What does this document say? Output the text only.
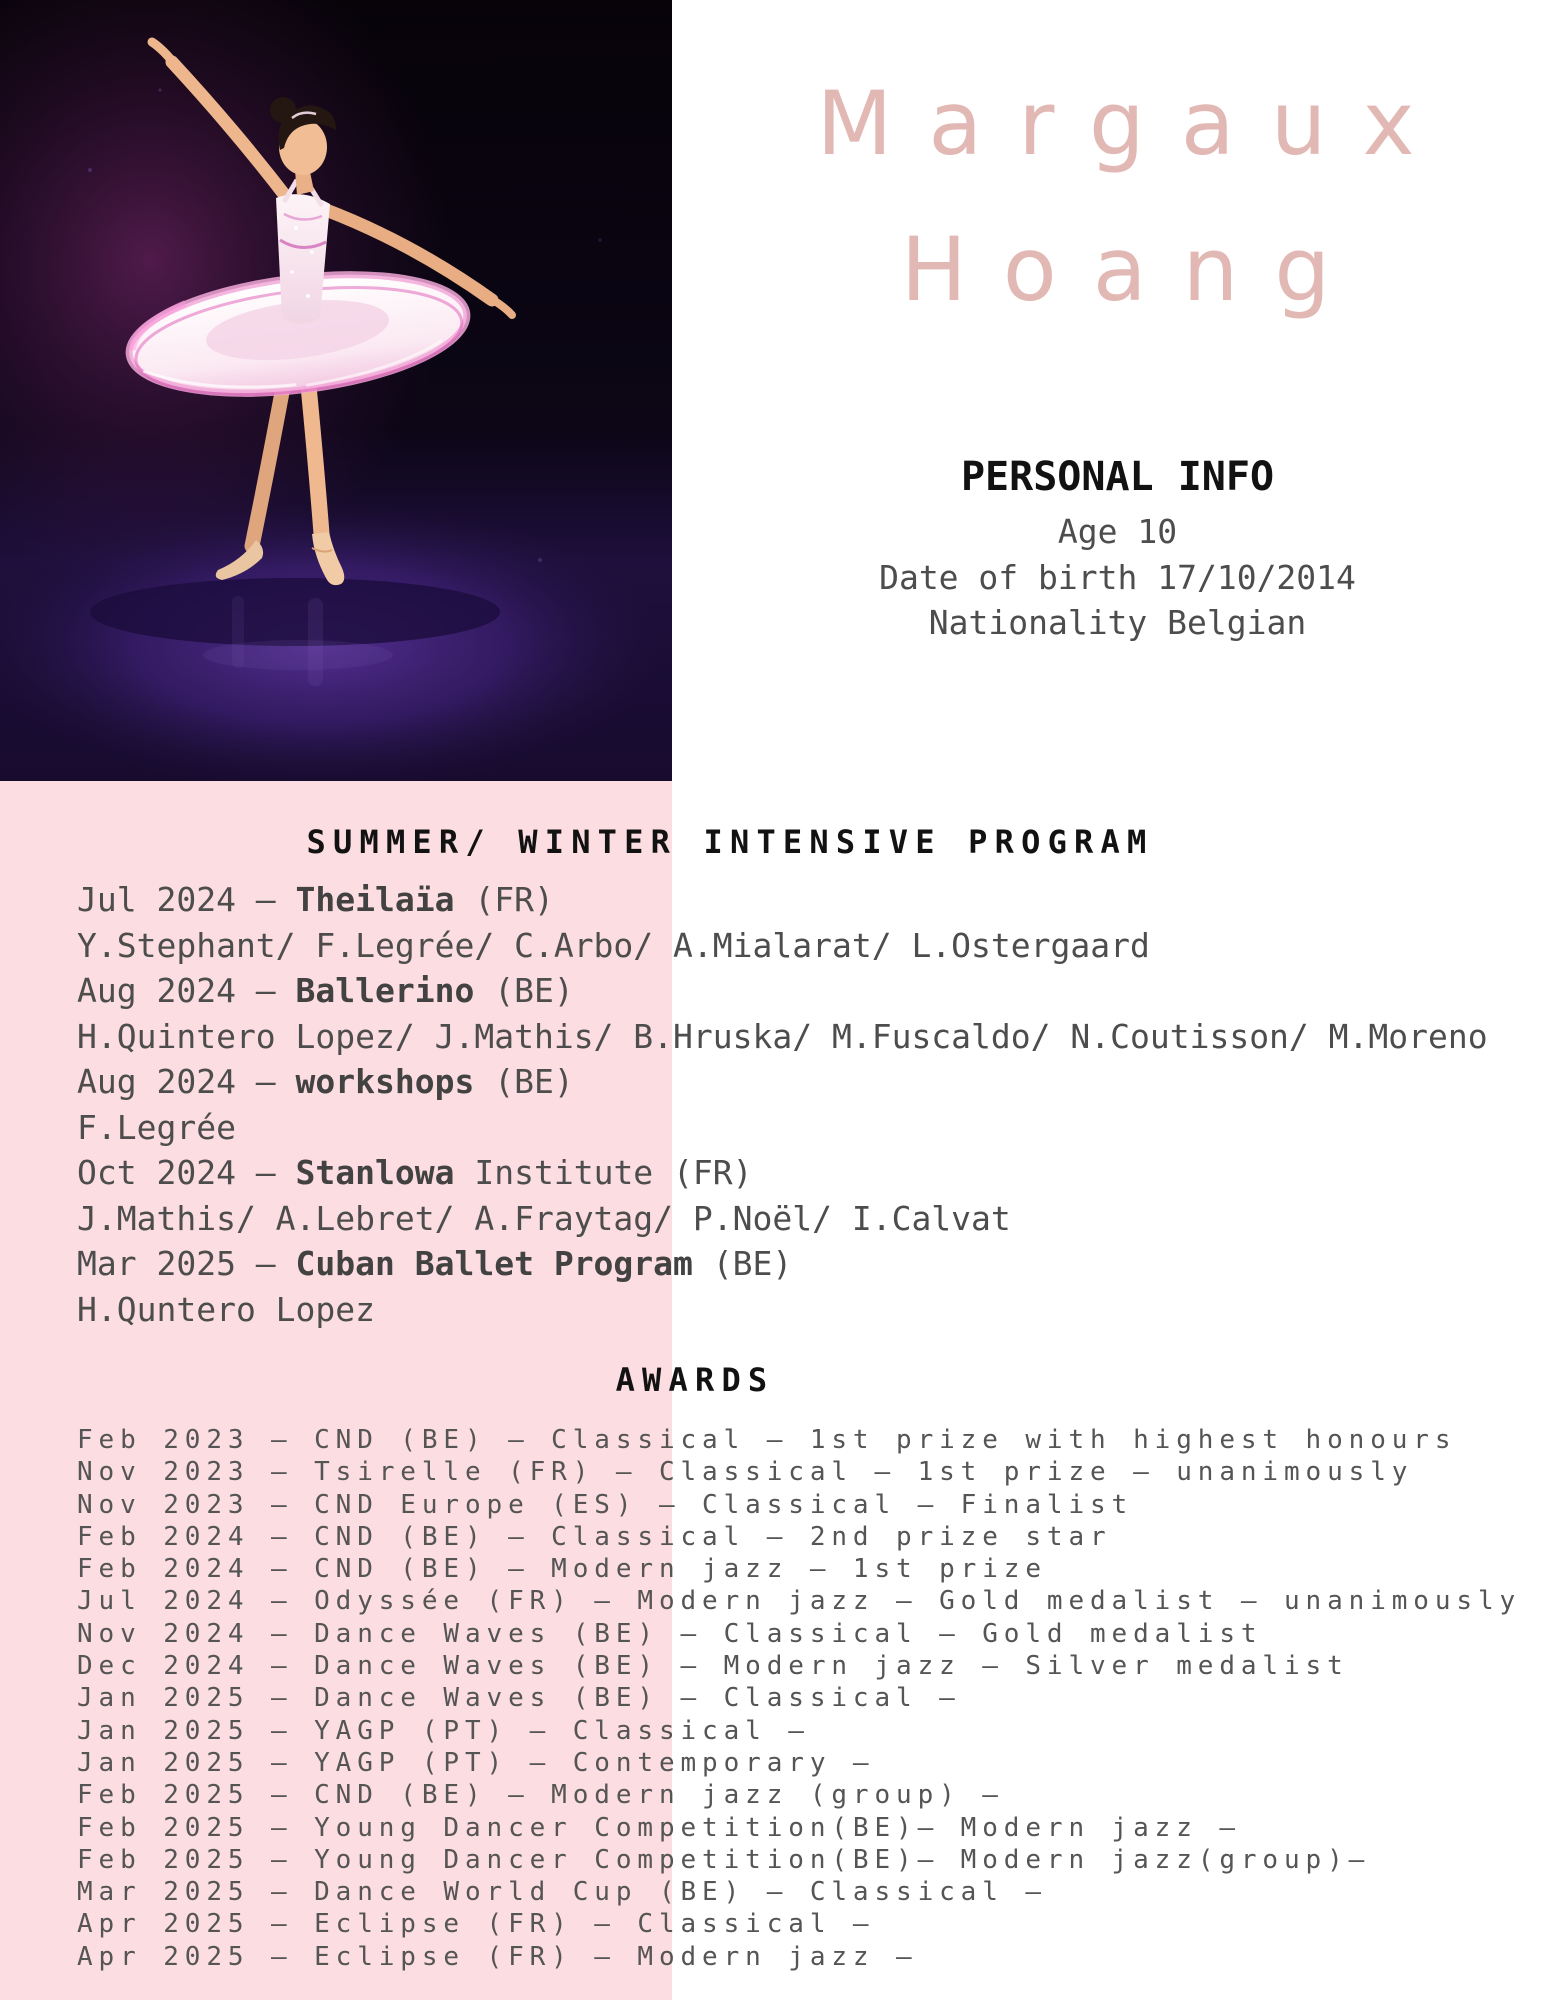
Margaux
Hoang
PERSONAL INFO
Age 10
Date of birth 17/10/2014
Nationality Belgian
SUMMER/ WINTER INTENSIVE PROGRAM
Jul 2024 – Theilaïa (FR)
Y.Stephant/ F.Legrée/ C.Arbo/ A.Mialarat/ L.Ostergaard
Aug 2024 – Ballerino (BE)
H.Quintero Lopez/ J.Mathis/ B.Hruska/ M.Fuscaldo/ N.Coutisson/ M.Moreno
Aug 2024 – workshops (BE)
F.Legrée
Oct 2024 – Stanlowa Institute (FR)
J.Mathis/ A.Lebret/ A.Fraytag/ P.Noël/ I.Calvat
Mar 2025 – Cuban Ballet Program (BE)
H.Quntero Lopez
AWARDS
Feb 2023 – CND (BE) – Classical – 1st prize with highest honours
Nov 2023 – Tsirelle (FR) – Classical – 1st prize – unanimously
Nov 2023 – CND Europe (ES) – Classical – Finalist
Feb 2024 – CND (BE) – Classical – 2nd prize star
Feb 2024 – CND (BE) – Modern jazz – 1st prize
Jul 2024 – Odyssée (FR) – Modern jazz – Gold medalist – unanimously
Nov 2024 – Dance Waves (BE) – Classical – Gold medalist
Dec 2024 – Dance Waves (BE) – Modern jazz – Silver medalist
Jan 2025 – Dance Waves (BE) – Classical –
Jan 2025 – YAGP (PT) – Classical –
Jan 2025 – YAGP (PT) – Contemporary –
Feb 2025 – CND (BE) – Modern jazz (group) –
Feb 2025 – Young Dancer Competition(BE)– Modern jazz –
Feb 2025 – Young Dancer Competition(BE)– Modern jazz(group)–
Mar 2025 – Dance World Cup (BE) – Classical –
Apr 2025 – Eclipse (FR) – Classical –
Apr 2025 – Eclipse (FR) – Modern jazz –
